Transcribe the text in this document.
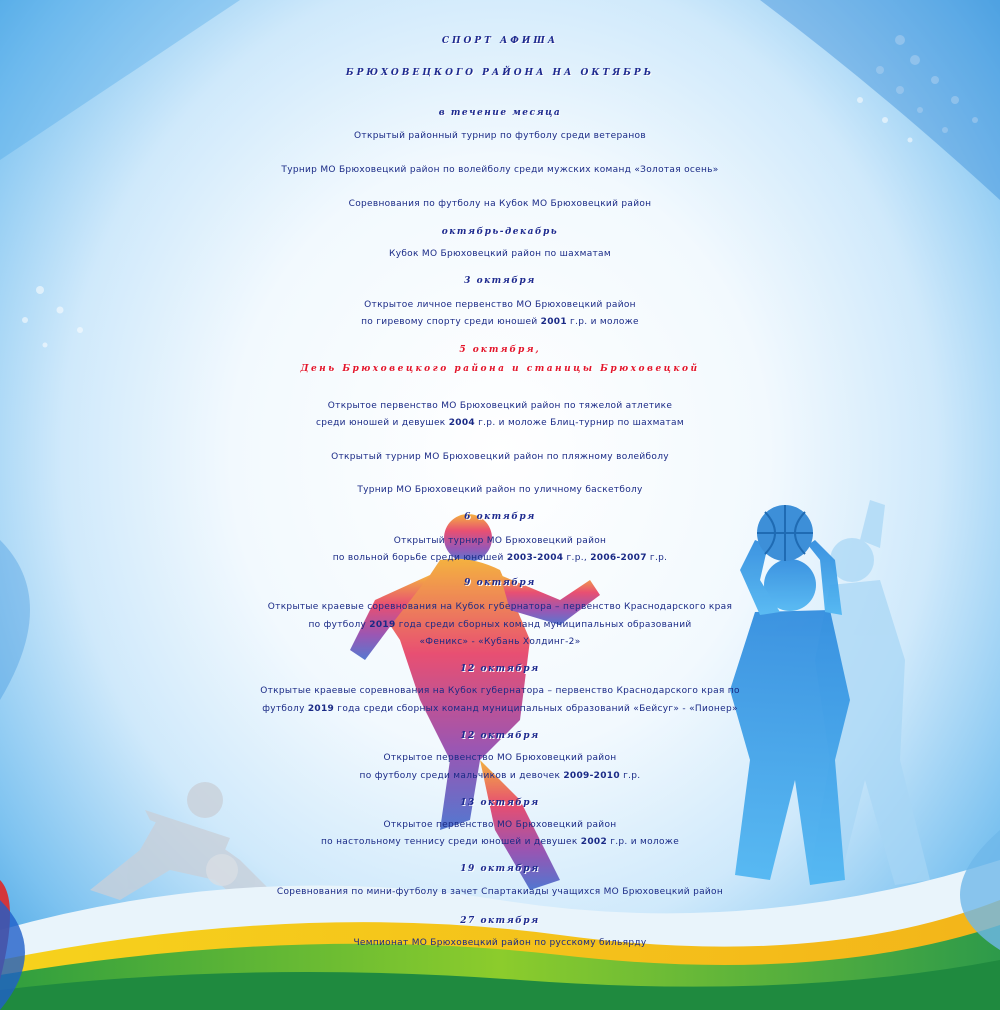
СПОРТ АФИША
БРЮХОВЕЦКОГО РАЙОНА НА ОКТЯБРЬ
в течение месяца
Открытый районный турнир по футболу среди ветеранов
Турнир МО Брюховецкий район по волейболу среди мужских команд «Золотая осень»
Соревнования по футболу на Кубок МО Брюховецкий район
октябрь-декабрь
Кубок МО Брюховецкий район по шахматам
3 октября
Открытое личное первенство МО Брюховецкий район
по гиревому спорту среди юношей 2001 г.р. и моложе
5 октября,
День Брюховецкого района и станицы Брюховецкой
Открытое первенство МО Брюховецкий район по тяжелой атлетике
среди юношей и девушек 2004 г.р. и моложе Блиц-турнир по шахматам
Открытый турнир МО Брюховецкий район по пляжному волейболу
Турнир МО Брюховецкий район по уличному баскетболу
6 октября
Открытый турнир МО Брюховецкий район
по вольной борьбе среди юношей 2003-2004 г.р., 2006-2007 г.р.
9 октября
Открытые краевые соревнования на Кубок губернатора – первенство Краснодарского края
по футболу 2019 года среди сборных команд муниципальных образований
«Феникс» - «Кубань Холдинг-2»
12 октября
Открытые краевые соревнования на Кубок губернатора – первенство Краснодарского края по
футболу 2019 года среди сборных команд муниципальных образований «Бейсуг» - «Пионер»
12 октября
Открытое первенство МО Брюховецкий район
по футболу среди мальчиков и девочек 2009-2010 г.р.
13 октября
Открытое первенство МО Брюховецкий район
по настольному теннису среди юношей и девушек 2002 г.р. и моложе
19 октября
Соревнования по мини-футболу в зачет Спартакиады учащихся МО Брюховецкий район
27 октября
Чемпионат МО Брюховецкий район по русскому бильярду
